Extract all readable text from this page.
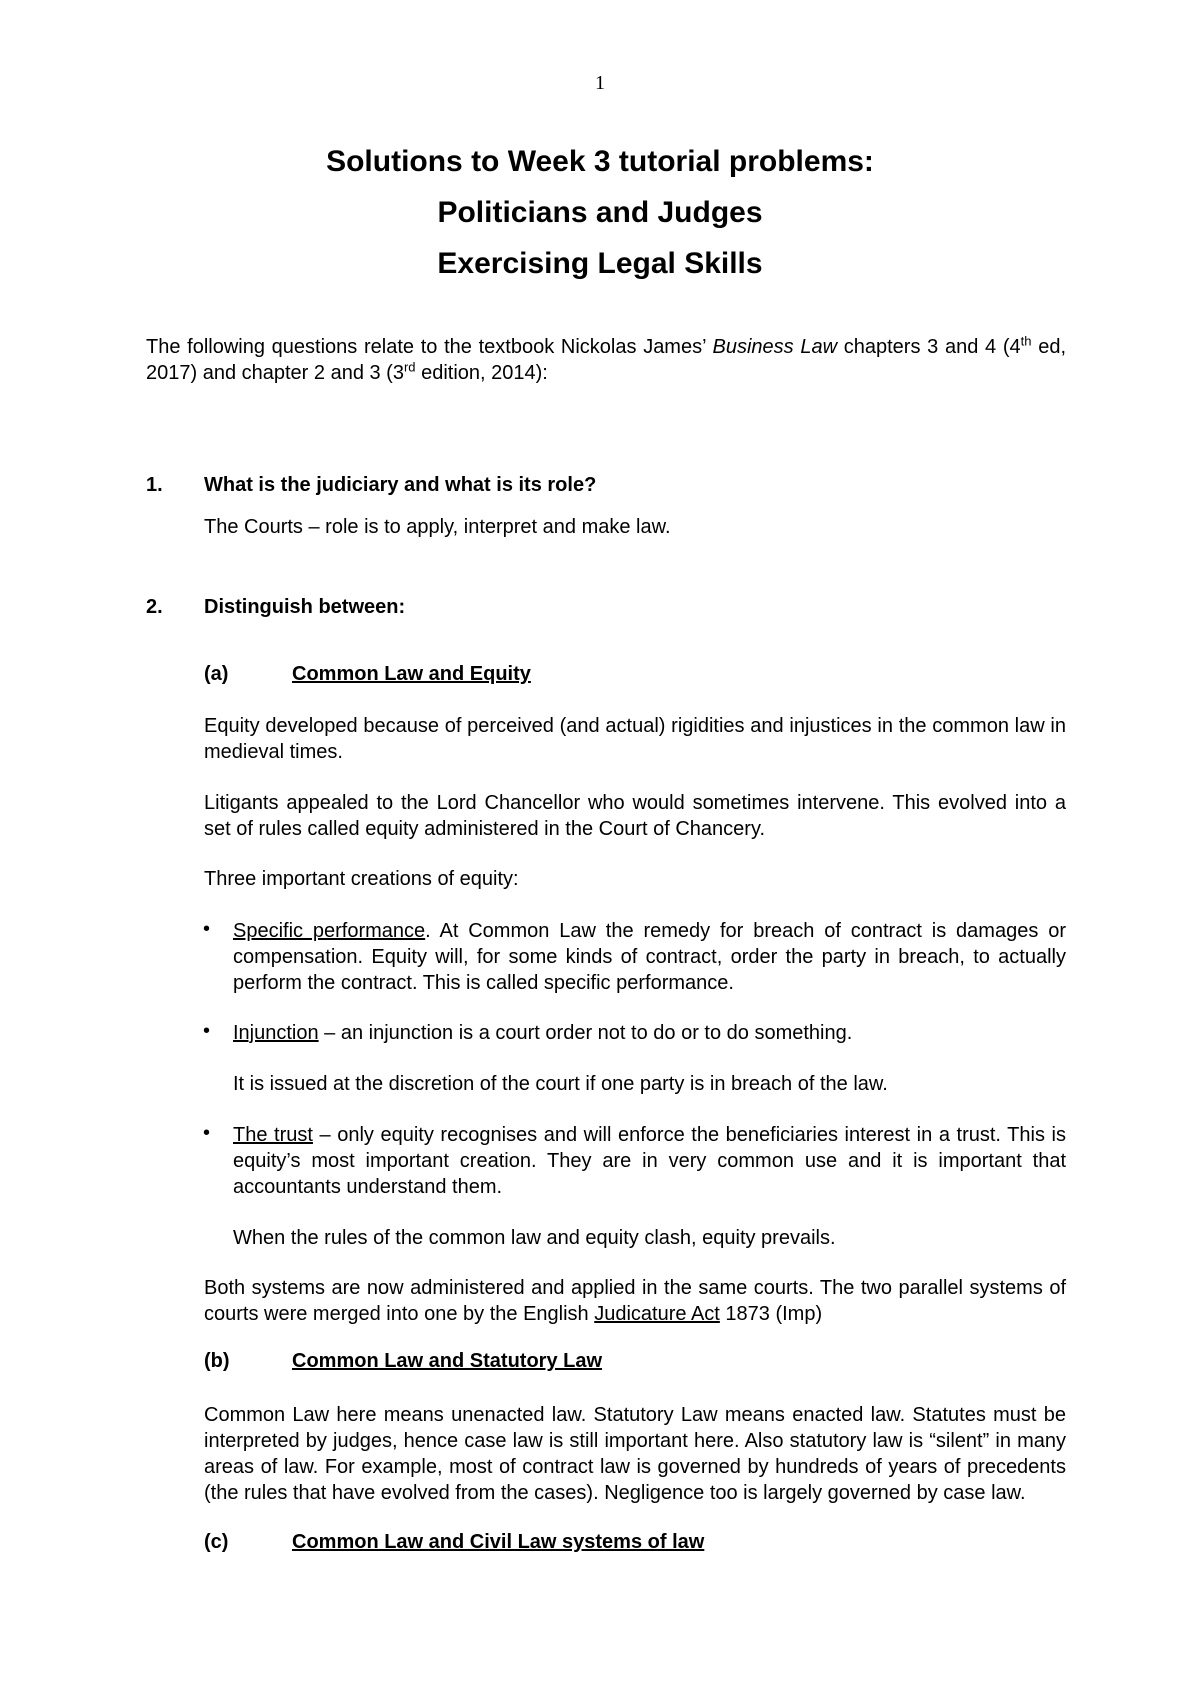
1
Solutions to Week 3 tutorial problems:
Politicians and Judges
Exercising Legal Skills
The following questions relate to the textbook Nickolas James’ Business Law chapters 3 and 4 (4th ed, 2017) and chapter 2 and 3 (3rd edition, 2014):
1. What is the judiciary and what is its role?
The Courts – role is to apply, interpret and make law.
2. Distinguish between:
(a)	Common Law and Equity
Equity developed because of perceived (and actual) rigidities and injustices in the common law in medieval times.
Litigants appealed to the Lord Chancellor who would sometimes intervene. This evolved into a set of rules called equity administered in the Court of Chancery.
Three important creations of equity:
• Specific performance. At Common Law the remedy for breach of contract is damages or compensation. Equity will, for some kinds of contract, order the party in breach, to actually perform the contract. This is called specific performance.
• Injunction – an injunction is a court order not to do or to do something.
It is issued at the discretion of the court if one party is in breach of the law.
• The trust – only equity recognises and will enforce the beneficiaries interest in a trust. This is equity’s most important creation. They are in very common use and it is important that accountants understand them.
When the rules of the common law and equity clash, equity prevails.
Both systems are now administered and applied in the same courts. The two parallel systems of courts were merged into one by the English Judicature Act 1873 (Imp)
(b)	Common Law and Statutory Law
Common Law here means unenacted law. Statutory Law means enacted law. Statutes must be interpreted by judges, hence case law is still important here. Also statutory law is “silent” in many areas of law. For example, most of contract law is governed by hundreds of years of precedents (the rules that have evolved from the cases). Negligence too is largely governed by case law.
(c)	Common Law and Civil Law systems of law
